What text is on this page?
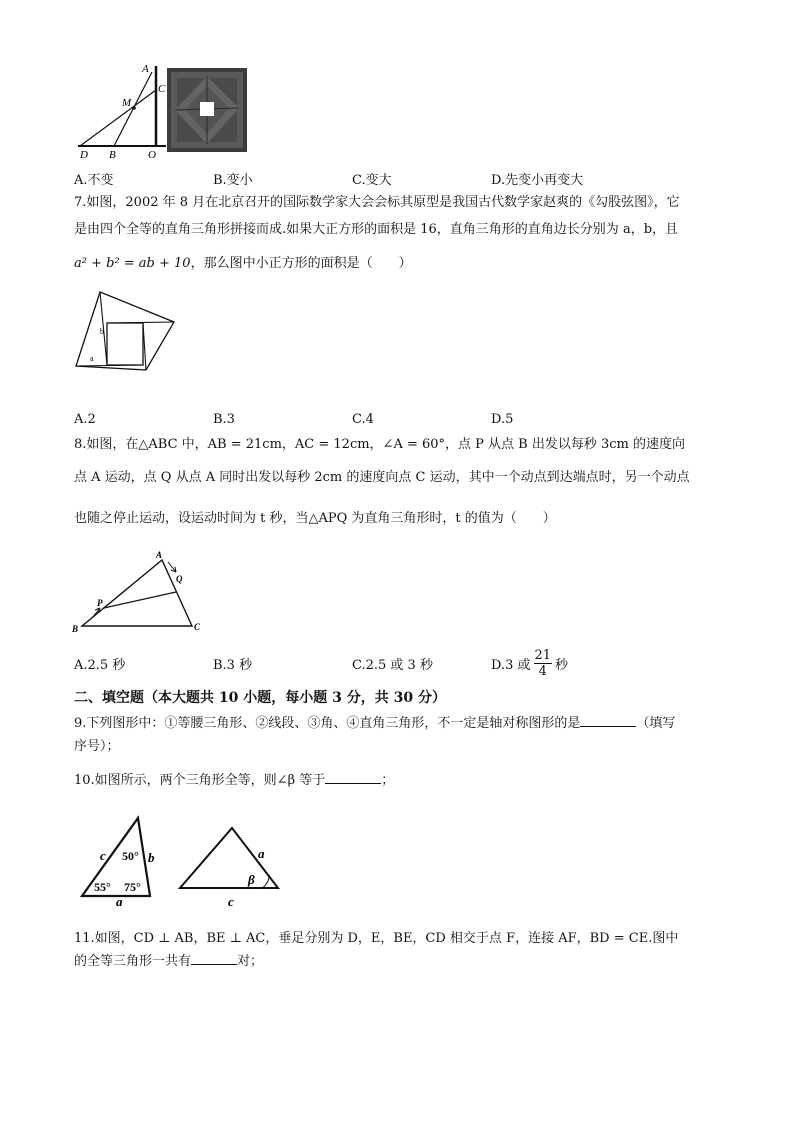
A
M
C
D B	O
A.不变	B.变小	C.变大	D.先变小再变大
7.如图，2002 年 8 月在北京召开的国际数学家大会会标其原型是我国古代数学家赵爽的《勾股弦图》，它
是由四个全等的直角三角形拼接而成.如果大正方形的面积是 16，直角三角形的直角边长分别为 a，b，且
a² + b² = ab + 10，那么图中小正方形的面积是（　　）
b
a
A.2	B.3	C.4	D.5
8.如图，在△ABC 中，AB = 21cm，AC = 12cm，∠A = 60°，点 P 从点 B 出发以每秒 3cm 的速度向
点 A 运动，点 Q 从点 A 同时出发以每秒 2cm 的速度向点 C 运动，其中一个动点到达端点时，另一个动点
也随之停止运动，设运动时间为 t 秒，当△APQ 为直角三角形时，t 的值为（　　）
A
Q
P
B	C
A.2.5 秒	B.3 秒	C.2.5 或 3 秒	D.3 或 $\frac{21}{4}$ 秒
二、填空题（本大题共 10 小题，每小题 3 分，共 30 分）
9.下列图形中：①等腰三角形、②线段、③角、④直角三角形，不一定是轴对称图形的是	（填写
序号）；
10.如图所示，两个三角形全等，则∠β 等于	；
c	b
a
50°
55° 75°
a
c
β
11.如图，CD ⊥ AB，BE ⊥ AC，垂足分别为 D，E，BE，CD 相交于点 F，连接 AF，BD = CE.图中
的全等三角形一共有	对；
